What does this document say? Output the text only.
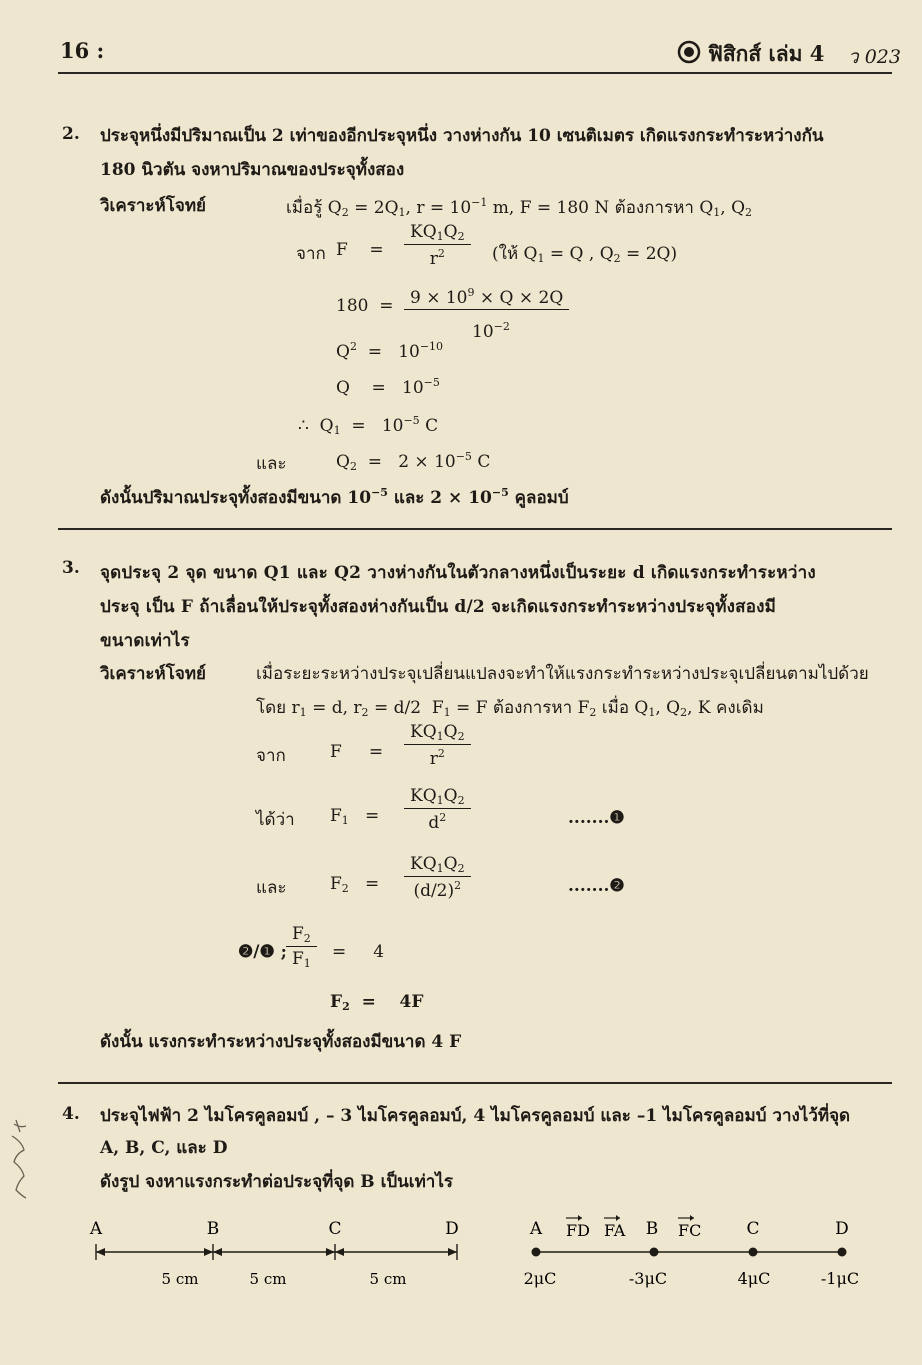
16 :	ฟิสิกส์ เล่ม 4 ว 023
2. ประจุหนึ่งมีปริมาณเป็น 2 เท่าของอีกประจุหนึ่ง วางห่างกัน 10 เซนติเมตร เกิดแรงกระทำระหว่างกัน
180 นิวตัน จงหาปริมาณของประจุทั้งสอง
วิเคราะห์โจทย์	เมื่อรู้ $Q_2 = 2Q_1$, $r = 10^{-1}$ m, F = 180 N ต้องการหา $Q_1$, $Q_2$
จาก F    = $\frac{KQ_1Q_2}{r^2}$ (ให้ $Q_1 = Q$ , $Q_2 = 2Q$)
$180 = 9 \times 10^9 \times Q \times 2Q$

$10^{-2}$
$Q^2 = 10^{-10}$
Q    =   $10^{-5}$
∴  $Q_1 = 10^{-5}$ C
และ	$Q_2 = 2 \times 10^{-5}$ C
ดังนั้นปริมาณประจุทั้งสองมีขนาด $10^{-5}$ และ $2 \times 10^{-5}$ คูลอมบ์
3. จุดประจุ 2 จุด ขนาด Q1 และ Q2 วางห่างกันในตัวกลางหนึ่งเป็นระยะ d เกิดแรงกระทำระหว่าง
ประจุ เป็น F ถ้าเลื่อนให้ประจุทั้งสองห่างกันเป็น d/2 จะเกิดแรงกระทำระหว่างประจุทั้งสองมี
ขนาดเท่าไร
วิเคราะห์โจทย์	เมื่อระยะระหว่างประจุเปลี่ยนแปลงจะทำให้แรงกระทำระหว่างประจุเปลี่ยนตามไปด้วย
โดย $r_1 = d$, $r_2 = d/2$  $F_1 = F$ ต้องการหา $F_2$ เมื่อ $Q_1$, $Q_2$, K คงเดิม
จาก	F     = $\frac{KQ_1Q_2}{r^2}$
ได้ว่า $F_1 = \frac{KQ_1Q_2}{d^2}$	.......❶
และ	$F_2 = \frac{KQ_1Q_2}{(d/2)^2}$	.......❷
❷/❶ ; $\frac{F_2}{F_1}$ =     4
$F_2$  =    4F
ดังนั้น แรงกระทำระหว่างประจุทั้งสองมีขนาด 4 F
4. ประจุไฟฟ้า 2 ไมโครคูลอมบ์ , – 3 ไมโครคูลอมบ์, 4 ไมโครคูลอมบ์ และ –1 ไมโครคูลอมบ์ วางไว้ที่จุด
A, B, C, และ D
ดังรูป จงหาแรงกระทำต่อประจุที่จุด B เป็นเท่าไร
A	B	C	D
5 cm	5 cm	5 cm
A	B	C	D
FD FA	FC
2μC	-3μC	4μC	-1μC
